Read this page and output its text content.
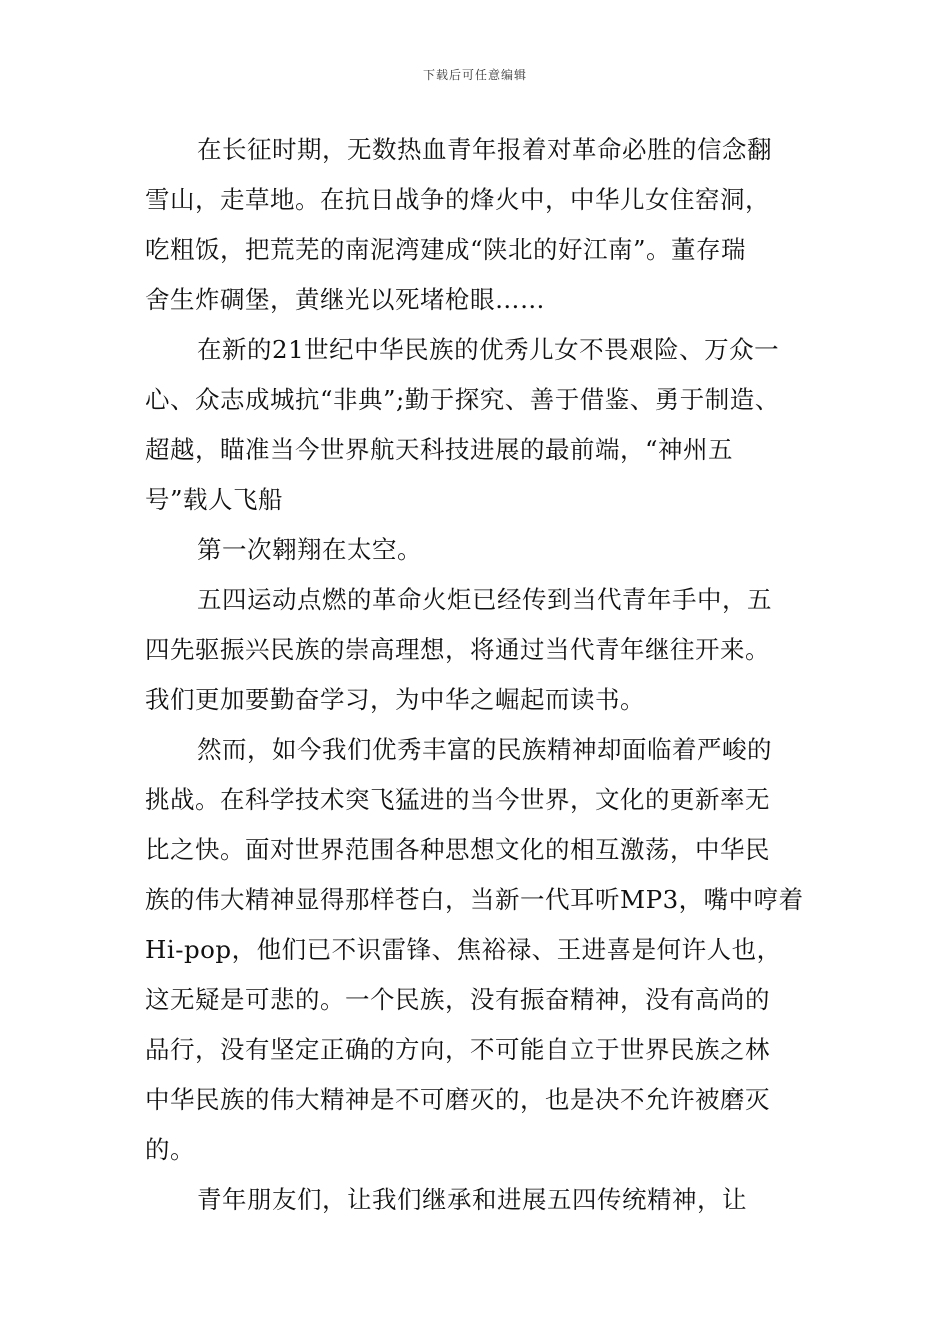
下载后可任意编辑
在长征时期，无数热血青年报着对革命必胜的信念翻
雪山，走草地。在抗日战争的烽火中，中华儿女住窑洞，
吃粗饭，把荒芜的南泥湾建成“陕北的好江南”。董存瑞
舍生炸碉堡，黄继光以死堵枪眼……
在新的21世纪中华民族的优秀儿女不畏艰险、万众一
心、众志成城抗“非典”;勤于探究、善于借鉴、勇于制造、
超越，瞄准当今世界航天科技进展的最前端，“神州五
号”载人飞船
第一次翱翔在太空。
五四运动点燃的革命火炬已经传到当代青年手中，五
四先驱振兴民族的崇高理想，将通过当代青年继往开来。
我们更加要勤奋学习，为中华之崛起而读书。
然而，如今我们优秀丰富的民族精神却面临着严峻的
挑战。在科学技术突飞猛进的当今世界，文化的更新率无
比之快。面对世界范围各种思想文化的相互激荡，中华民
族的伟大精神显得那样苍白，当新一代耳听MP3，嘴中哼着
Hi-pop，他们已不识雷锋、焦裕禄、王进喜是何许人也，
这无疑是可悲的。一个民族，没有振奋精神，没有高尚的
品行，没有坚定正确的方向，不可能自立于世界民族之林
中华民族的伟大精神是不可磨灭的，也是决不允许被磨灭
的。
青年朋友们，让我们继承和进展五四传统精神，让
